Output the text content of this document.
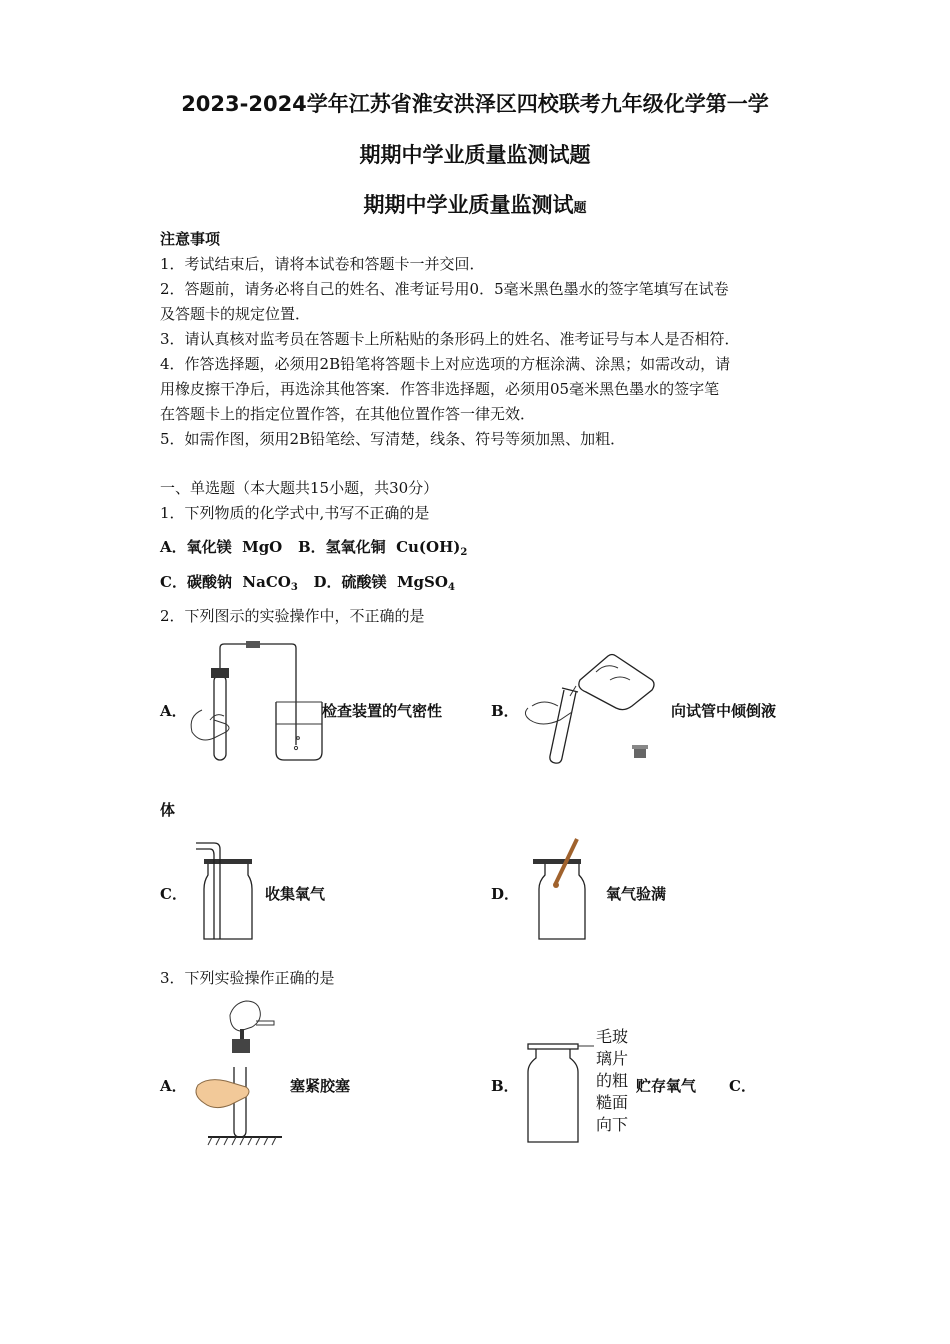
2023-2024学年江苏省淮安洪泽区四校联考九年级化学第一学
期期中学业质量监测试题
期期中学业质量监测试题
注意事项
1．考试结束后，请将本试卷和答题卡一并交回．
2．答题前，请务必将自己的姓名、准考证号用0．5毫米黑色墨水的签字笔填写在试卷
及答题卡的规定位置．
3．请认真核对监考员在答题卡上所粘贴的条形码上的姓名、准考证号与本人是否相符．
4．作答选择题，必须用2B铅笔将答题卡上对应选项的方框涂满、涂黑；如需改动，请
用橡皮擦干净后，再选涂其他答案．作答非选择题，必须用05毫米黑色墨水的签字笔
在答题卡上的指定位置作答，在其他位置作答一律无效．
5．如需作图，须用2B铅笔绘、写清楚，线条、符号等须加黑、加粗．
一、单选题（本大题共15小题，共30分）
1．下列物质的化学式中,书写不正确的是
A．氧化镁 MgO B．氢氧化铜 $Cu(OH)_2$
C．碳酸钠 NaCO$_3$ D．硫酸镁 MgSO$_4$
2．下列图示的实验操作中，不正确的是
A．	检查装置的气密性	B．	向试管中倾倒液
体
C．	收集氧气	D．	氧气验满
3．下列实验操作正确的是
A．	塞紧胶塞	B．
毛玻
璃片
的粗
糙面
向下
贮存氧气 C．
